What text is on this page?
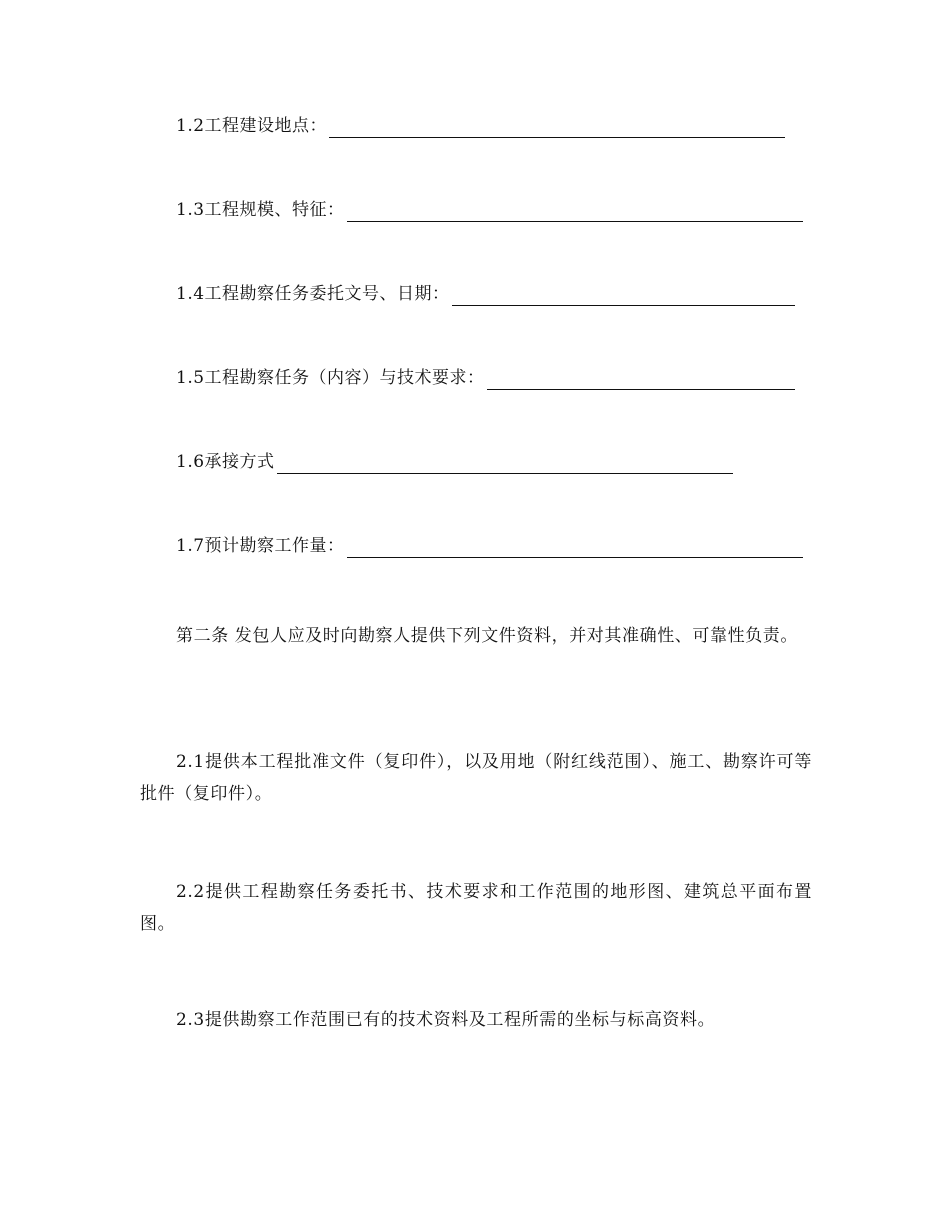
1.2工程建设地点：
1.3工程规模、特征：
1.4工程勘察任务委托文号、日期：
1.5工程勘察任务（内容）与技术要求：
1.6承接方式
1.7预计勘察工作量：

第二条 发包人应及时向勘察人提供下列文件资料，并对其准确性、可靠性负责。

2.1提供本工程批准文件（复印件），以及用地（附红线范围）、施工、勘察许可等批件（复印件）。

2.2提供工程勘察任务委托书、技术要求和工作范围的地形图、建筑总平面布置图。

2.3提供勘察工作范围已有的技术资料及工程所需的坐标与标高资料。
